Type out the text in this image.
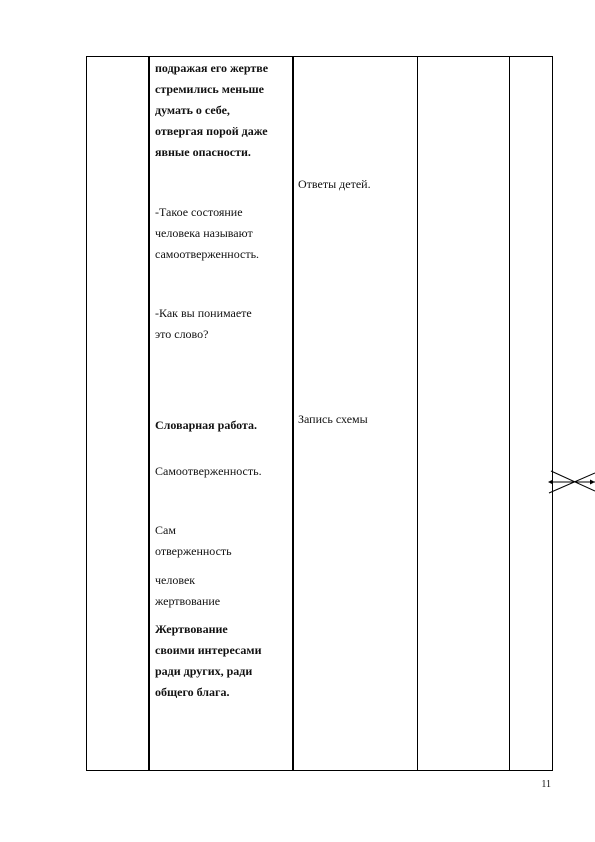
подражая его жертве
стремились меньше
думать о себе,
отвергая порой даже
явные опасности.

-Такое состояние
человека называют
самоотверженность.

-Как вы понимаете
это слово?

Словарная работа.

Самоотверженность.

Сам
отверженность

человек
жертвование

Жертвование
своими интересами
ради других, ради
общего блага.

Ответы детей.

Запись схемы

11
